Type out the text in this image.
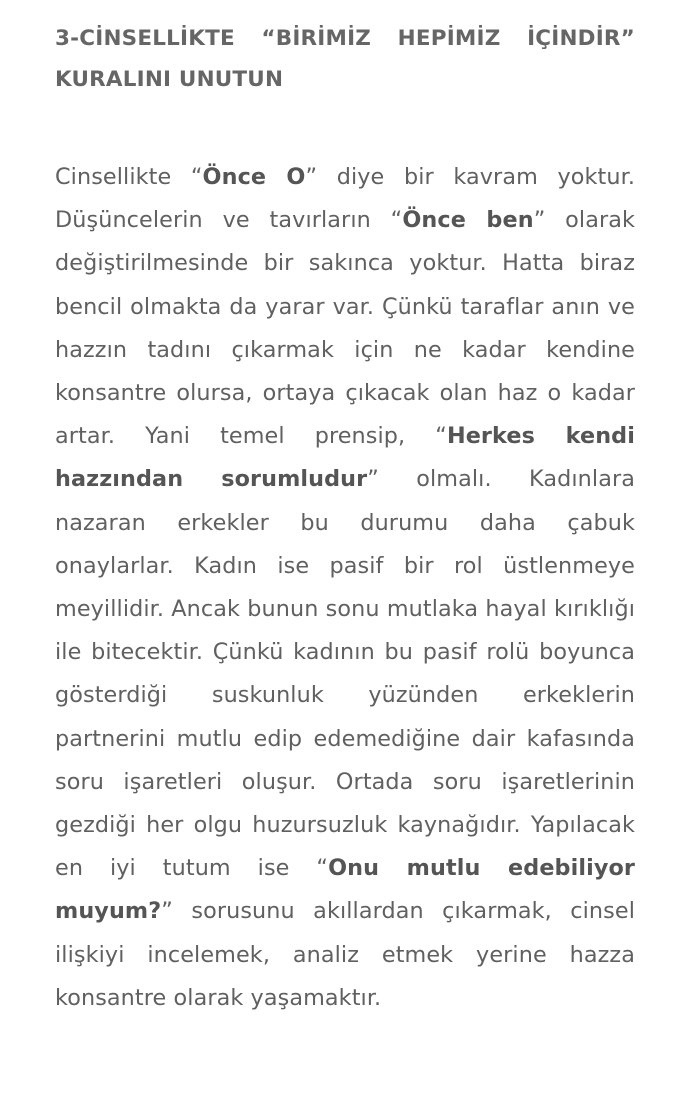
3-CİNSELLİKTE “BİRİMİZ HEPİMİZ İÇİNDİR” KURALINI UNUTUN

Cinsellikte “Önce O” diye bir kavram yoktur. Düşüncelerin ve tavırların “Önce ben” olarak değiştirilmesinde bir sakınca yoktur. Hatta biraz bencil olmakta da yarar var. Çünkü taraflar anın ve hazzın tadını çıkarmak için ne kadar kendine konsantre olursa, ortaya çıkacak olan haz o kadar artar. Yani temel prensip, “Herkes kendi hazzından sorumludur” olmalı. Kadınlara nazaran erkekler bu durumu daha çabuk onaylarlar. Kadın ise pasif bir rol üstlenmeye meyillidir. Ancak bunun sonu mutlaka hayal kırıklığı ile bitecektir. Çünkü kadının bu pasif rolü boyunca gösterdiği suskunluk yüzünden erkeklerin partnerini mutlu edip edemediğine dair kafasında soru işaretleri oluşur. Ortada soru işaretlerinin gezdiği her olgu huzursuzluk kaynağıdır. Yapılacak en iyi tutum ise “Onu mutlu edebiliyor muyum?” sorusunu akıllardan çıkarmak, cinsel ilişkiyi incelemek, analiz etmek yerine hazza konsantre olarak yaşamaktır.
